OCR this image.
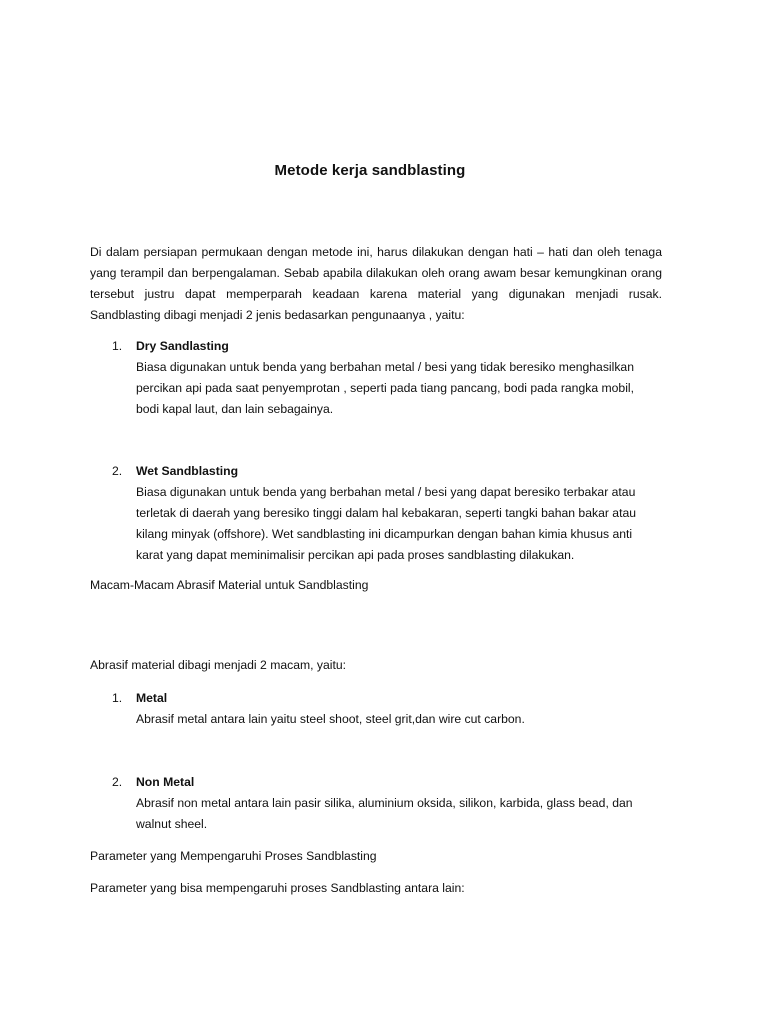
Metode kerja sandblasting

Di dalam persiapan permukaan dengan metode ini, harus dilakukan dengan hati – hati dan oleh tenaga yang terampil dan berpengalaman. Sebab apabila dilakukan oleh orang awam besar kemungkinan orang tersebut justru dapat memperparah keadaan karena material yang digunakan menjadi rusak. Sandblasting dibagi menjadi 2 jenis bedasarkan pengunaanya , yaitu:

1. Dry Sandlasting

Biasa digunakan untuk benda yang berbahan metal / besi yang tidak beresiko menghasilkan percikan api pada saat penyemprotan , seperti pada tiang pancang, bodi pada rangka mobil, bodi kapal laut, dan lain sebagainya.

2. Wet Sandblasting

Biasa digunakan untuk benda yang berbahan metal / besi yang dapat beresiko terbakar atau terletak di daerah yang beresiko tinggi dalam hal kebakaran, seperti tangki bahan bakar atau kilang minyak (offshore). Wet sandblasting ini dicampurkan dengan bahan kimia khusus anti karat yang dapat meminimalisir percikan api pada proses sandblasting dilakukan.

Macam-Macam Abrasif Material untuk Sandblasting

Abrasif material dibagi menjadi 2 macam, yaitu:

1. Metal

Abrasif metal antara lain yaitu steel shoot, steel grit,dan wire cut carbon.

2. Non Metal

Abrasif non metal antara lain pasir silika, aluminium oksida, silikon, karbida, glass bead, dan walnut sheel.

Parameter yang Mempengaruhi Proses Sandblasting

Parameter yang bisa mempengaruhi proses Sandblasting antara lain:
